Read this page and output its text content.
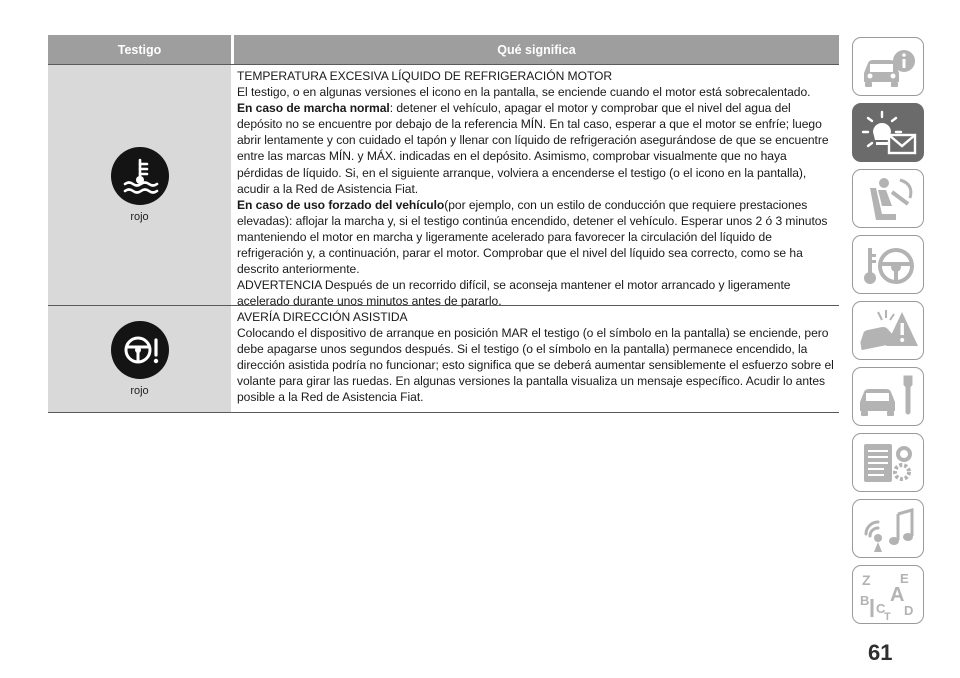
Testigo	Qué significa
rojo

TEMPERATURA EXCESIVA LÍQUIDO DE REFRIGERACIÓN MOTOR

El testigo, o en algunas versiones el icono en la pantalla, se enciende cuando el motor está sobrecalentado.

En caso de marcha normal: detener el vehículo, apagar el motor y comprobar que el nivel del agua del depósito no se encuentre por debajo de la referencia MÍN. En tal caso, esperar a que el motor se enfríe; luego abrir lentamente y con cuidado el tapón y llenar con líquido de refrigeración asegurándose de que se encuentre entre las marcas MÍN. y MÁX. indicadas en el depósito. Asimismo, comprobar visualmente que no haya pérdidas de líquido. Si, en el siguiente arranque, volviera a encenderse el testigo (o el icono en la pantalla), acudir a la Red de Asistencia Fiat.

En caso de uso forzado del vehículo(por ejemplo, con un estilo de conducción que requiere prestaciones elevadas): aflojar la marcha y, si el testigo continúa encendido, detener el vehículo. Esperar unos 2 ó 3 minutos manteniendo el motor en marcha y ligeramente acelerado para favorecer la circulación del líquido de refrigeración y, a continuación, parar el motor. Comprobar que el nivel del líquido sea correcto, como se ha descrito anteriormente.

ADVERTENCIA Después de un recorrido difícil, se aconseja mantener el motor arrancado y ligeramente acelerado durante unos minutos antes de pararlo.

rojo

AVERÍA DIRECCIÓN ASISTIDA

Colocando el dispositivo de arranque en posición MAR el testigo (o el símbolo en la pantalla) se enciende, pero debe apagarse unos segundos después. Si el testigo (o el símbolo en la pantalla) permanece encendido, la dirección asistida podría no funcionar; esto significa que se deberá aumentar sensiblemente el esfuerzo sobre el volante para girar las ruedas. En algunas versiones la pantalla visualiza un mensaje específico. Acudir lo antes posible a la Red de Asistencia Fiat.

Z E
B A
C
T D
61
